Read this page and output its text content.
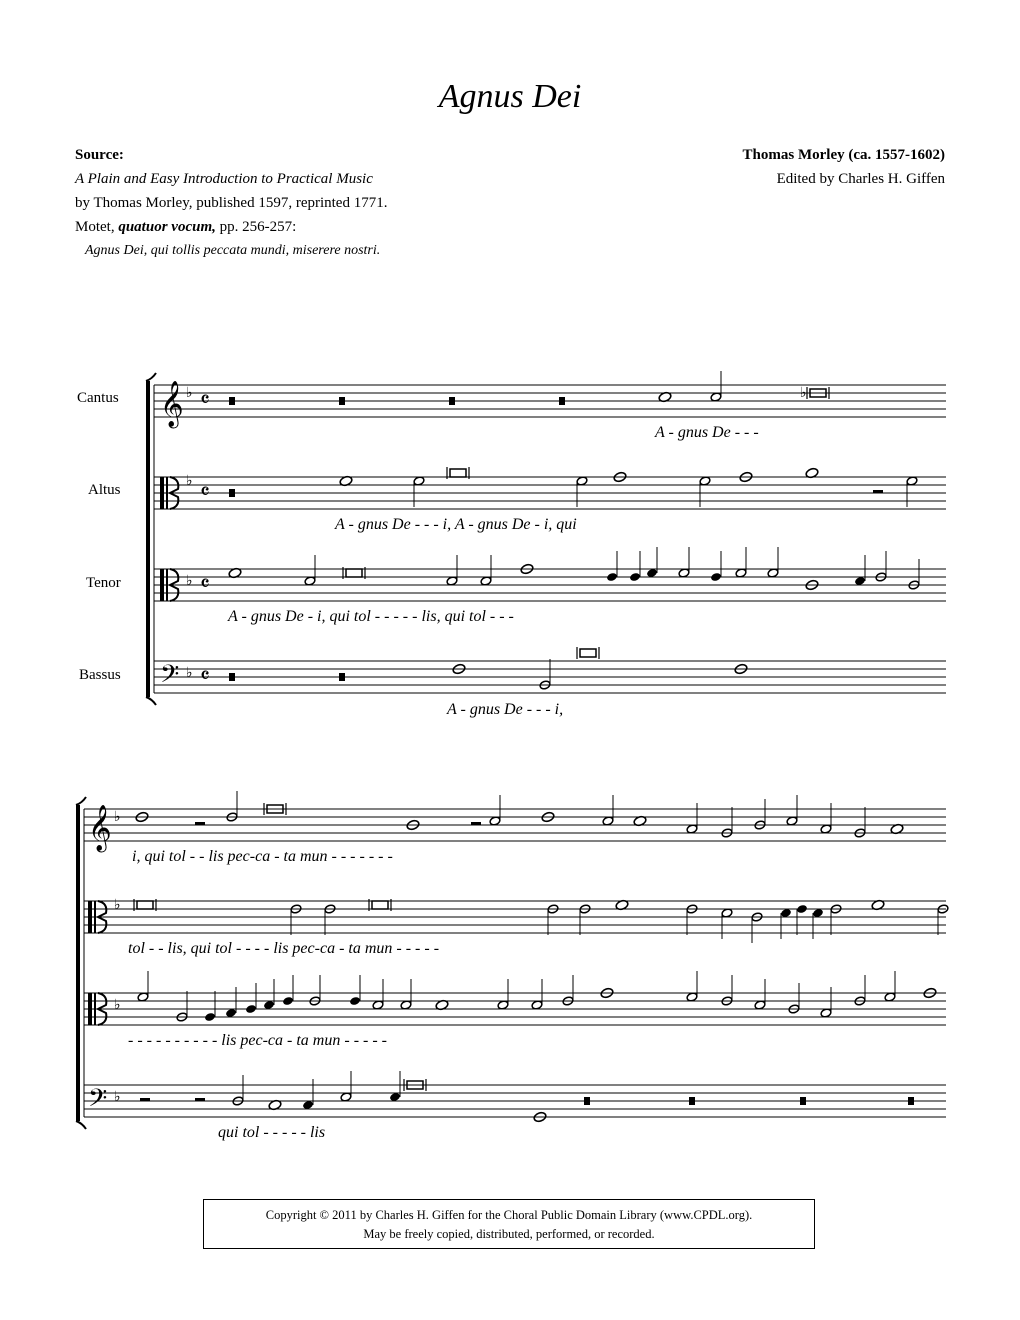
Agnus Dei
Source:
A Plain and Easy Introduction to Practical Music
by Thomas Morley, published 1597, reprinted 1771.
Motet, quatuor vocum, pp. 256-257:
Agnus Dei, qui tollis peccata mundi, miserere nostri.
Thomas Morley (ca. 1557-1602)
Edited by Charles H. Giffen
Cantus
Altus
Tenor
Bassus
A - gnus De - - -
A - gnus De - - - i, A - gnus De - i, qui
A - gnus De - i, qui tol - - - - - lis, qui tol - - -
A - gnus De - - - i,
i, qui tol - - lis pec-ca - ta mun - - - - - - -
tol - - lis, qui tol - - - - lis pec-ca - ta mun - - - - -
- - - - - - - - - - lis pec-ca - ta mun - - - - -
qui tol - - - - - lis
𝄞 ♭ 𝄴
♭ 𝄴
♭ 𝄴
𝄢 ♭ 𝄴
♭
𝄞 ♭
♭
♭
𝄢 ♭
Copyright © 2011 by Charles H. Giffen for the Choral Public Domain Library (www.CPDL.org).
May be freely copied, distributed, performed, or recorded.
